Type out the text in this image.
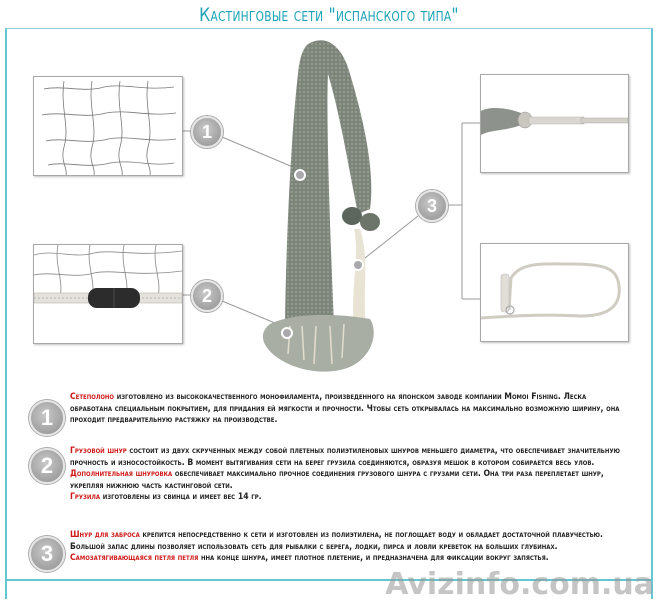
Кастинговые сети "испанского типа"
1
2
3
1

Сетеполоно изготовлено из высококачественного монофиламента, произведенного на японском заводе компании Momoi Fishing. Леска обработана специальным покрытием, для придания ей мягкости и прочности. Чтобы сеть открывалась на максимально возможную ширину, она проходит предварительную растяжку на производстве.

2

Грузовой шнур состоит из двух скрученных между собой плетеных полиэтиленовых шнуров меньшего диаметра, что обеспечивает значительную прочность и износостойкость. В момент вытягивания сети на берег грузила соединяются, образуя мешок в котором собирается весь улов.

Дополнительная шнуровка обеспечивает максимально прочное соединения грузового шнура с грузами сети. Она три раза переплетает шнур, укрепляя нижнюю часть кастинговой сети.

Грузила изготовлены из свинца и имеет вес 14 гр.

3

Шнур для заброса крепится непосредственно к сети и изготовлен из полиэтилена, не поглощает воду и обладает достаточной плавучестью. Большой запас длины позволяет использовать сеть для рыбалки с берега, лодки, пирса и ловли креветок на больших глубинах.

Самозатягивающаяся петля петля нна конце шнура, имеет плотное плетение, и предназначена для фиксации вокруг запястья.

Avizinfo.com.ua
